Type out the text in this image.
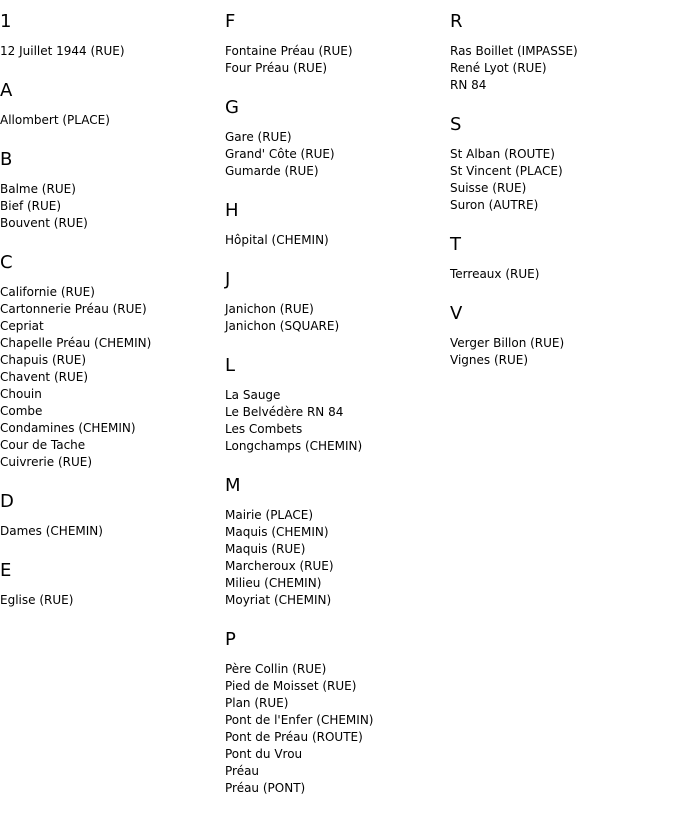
1
12 Juillet 1944 (RUE)
A
Allombert (PLACE)
B
Balme (RUE)
Bief (RUE)
Bouvent (RUE)
C
Californie (RUE)
Cartonnerie Préau (RUE)
Cepriat
Chapelle Préau (CHEMIN)
Chapuis (RUE)
Chavent (RUE)
Chouin
Combe
Condamines (CHEMIN)
Cour de Tache
Cuivrerie (RUE)
D
Dames (CHEMIN)
E
Eglise (RUE)
F
Fontaine Préau (RUE)
Four Préau (RUE)
G
Gare (RUE)
Grand' Côte (RUE)
Gumarde (RUE)
H
Hôpital (CHEMIN)
J
Janichon (RUE)
Janichon (SQUARE)
L
La Sauge
Le Belvédère RN 84
Les Combets
Longchamps (CHEMIN)
M
Mairie (PLACE)
Maquis (CHEMIN)
Maquis (RUE)
Marcheroux (RUE)
Milieu (CHEMIN)
Moyriat (CHEMIN)
P
Père Collin (RUE)
Pied de Moisset (RUE)
Plan (RUE)
Pont de l'Enfer (CHEMIN)
Pont de Préau (ROUTE)
Pont du Vrou
Préau
Préau (PONT)
R
Ras Boillet (IMPASSE)
René Lyot (RUE)
RN 84
S
St Alban (ROUTE)
St Vincent (PLACE)
Suisse (RUE)
Suron (AUTRE)
T
Terreaux (RUE)
V
Verger Billon (RUE)
Vignes (RUE)
